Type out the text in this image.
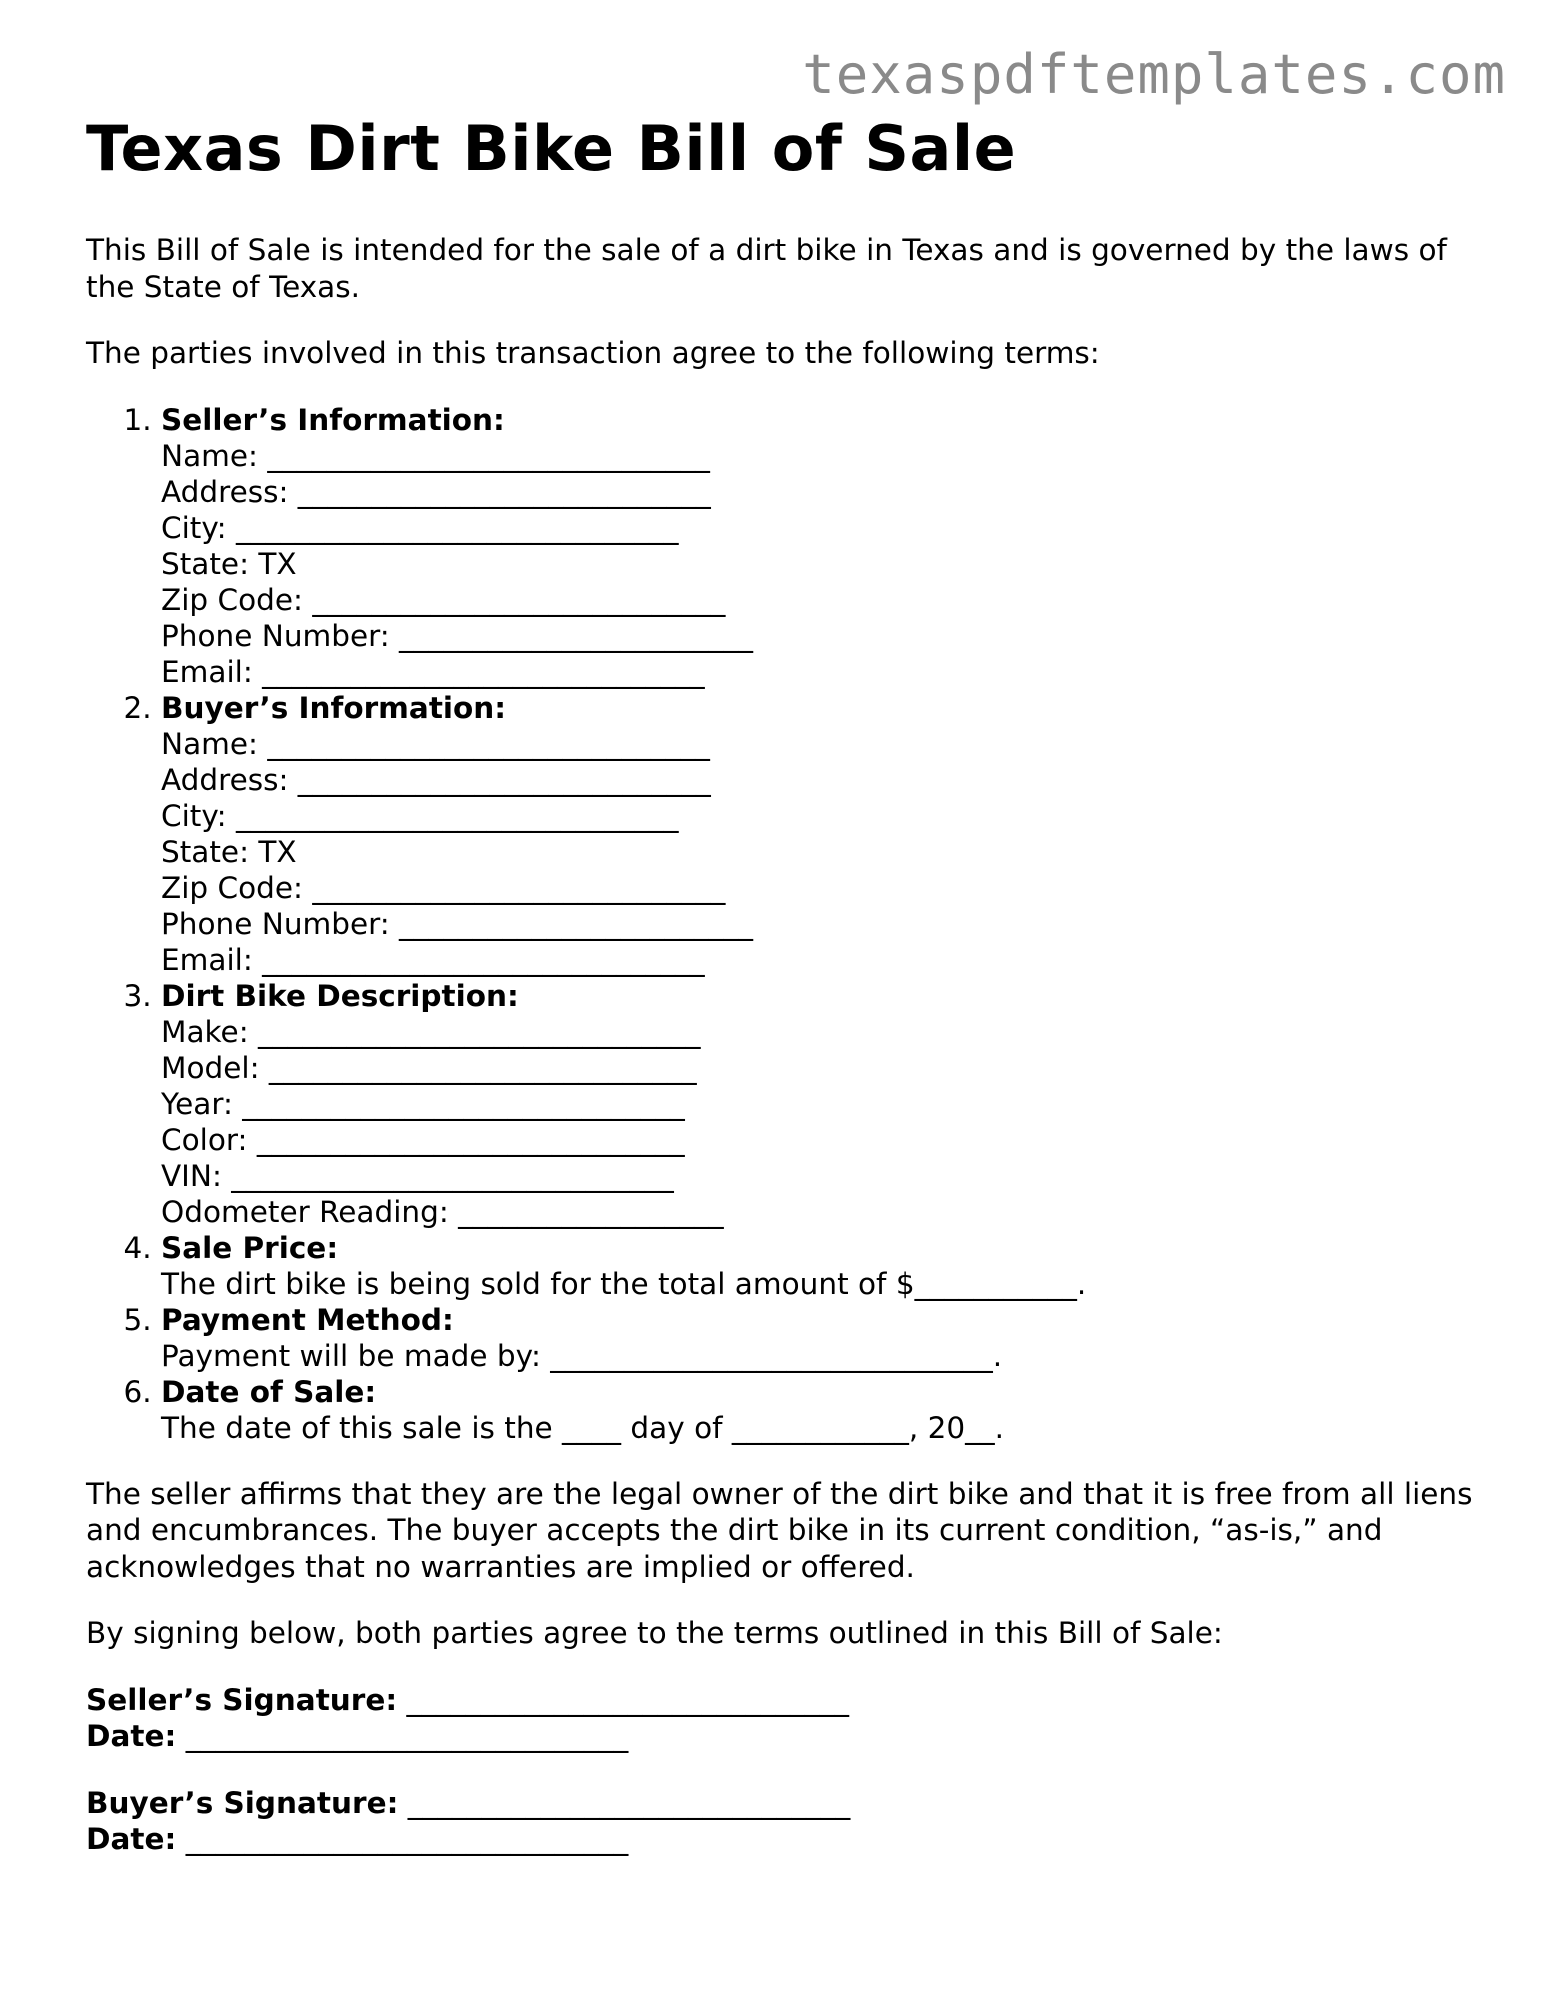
texaspdftemplates.com
Texas Dirt Bike Bill of Sale

This Bill of Sale is intended for the sale of a dirt bike in Texas and is governed by the laws of the State of Texas.

The parties involved in this transaction agree to the following terms:

1. Seller’s Information:
Name: ______________________________
Address: ____________________________
City: ______________________________
State: TX
Zip Code: ____________________________
Phone Number: ________________________
Email: ______________________________
2. Buyer’s Information:
Name: ______________________________
Address: ____________________________
City: ______________________________
State: TX
Zip Code: ____________________________
Phone Number: ________________________
Email: ______________________________
3. Dirt Bike Description:
Make: ______________________________
Model: _____________________________
Year: ______________________________
Color: _____________________________
VIN: ______________________________
Odometer Reading: __________________
4. Sale Price:
The dirt bike is being sold for the total amount of $___________.
5. Payment Method:
Payment will be made by: ______________________________.
6. Date of Sale:
The date of this sale is the ____ day of ____________, 20__.

The seller affirms that they are the legal owner of the dirt bike and that it is free from all liens and encumbrances. The buyer accepts the dirt bike in its current condition, “as-is,” and acknowledges that no warranties are implied or offered.

By signing below, both parties agree to the terms outlined in this Bill of Sale:

Seller’s Signature: ______________________________
Date: ______________________________
Buyer’s Signature: ______________________________
Date: ______________________________
